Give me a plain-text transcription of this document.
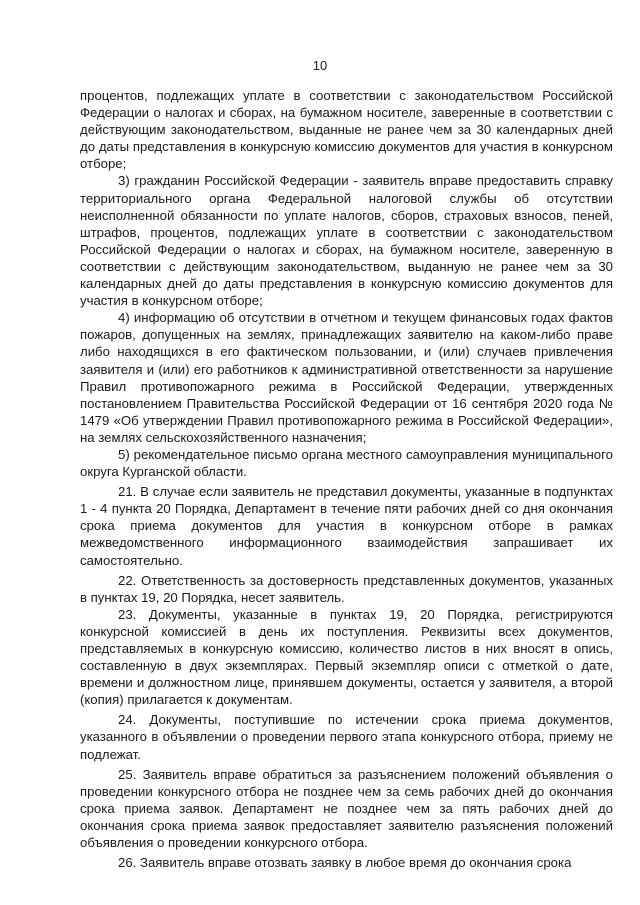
10

процентов, подлежащих уплате в соответствии с законодательством Российской Федерации о налогах и сборах, на бумажном носителе, заверенные в соответствии с действующим законодательством, выданные не ранее чем за 30 календарных дней до даты представления в конкурсную комиссию документов для участия в конкурсном отборе;

3) гражданин Российской Федерации - заявитель вправе предоставить справку территориального органа Федеральной налоговой службы об отсутствии неисполненной обязанности по уплате налогов, сборов, страховых взносов, пеней, штрафов, процентов, подлежащих уплате в соответствии с законодательством Российской Федерации о налогах и сборах, на бумажном носителе, заверенную в соответствии с действующим законодательством, выданную не ранее чем за 30 календарных дней до даты представления в конкурсную комиссию документов для участия в конкурсном отборе;

4) информацию об отсутствии в отчетном и текущем финансовых годах фактов пожаров, допущенных на землях, принадлежащих заявителю на каком-либо праве либо находящихся в его фактическом пользовании, и (или) случаев привлечения заявителя и (или) его работников к административной ответственности за нарушение Правил противопожарного режима в Российской Федерации, утвержденных постановлением Правительства Российской Федерации от 16 сентября 2020 года № 1479 «Об утверждении Правил противопожарного режима в Российской Федерации», на землях сельскохозяйственного назначения;

5) рекомендательное письмо органа местного самоуправления муниципального округа Курганской области.

21. В случае если заявитель не представил документы, указанные в подпунктах 1 - 4 пункта 20 Порядка, Департамент в течение пяти рабочих дней со дня окончания срока приема документов для участия в конкурсном отборе в рамках межведомственного информационного взаимодействия запрашивает их самостоятельно.

22. Ответственность за достоверность представленных документов, указанных в пунктах 19, 20 Порядка, несет заявитель.

23. Документы, указанные в пунктах 19, 20 Порядка, регистрируются конкурсной комиссией в день их поступления. Реквизиты всех документов, представляемых в конкурсную комиссию, количество листов в них вносят в опись, составленную в двух экземплярах. Первый экземпляр описи с отметкой о дате, времени и должностном лице, принявшем документы, остается у заявителя, а второй (копия) прилагается к документам.

24. Документы, поступившие по истечении срока приема документов, указанного в объявлении о проведении первого этапа конкурсного отбора, приему не подлежат.

25. Заявитель вправе обратиться за разъяснением положений объявления о проведении конкурсного отбора не позднее чем за семь рабочих дней до окончания срока приема заявок. Департамент не позднее чем за пять рабочих дней до окончания срока приема заявок предоставляет заявителю разъяснения положений объявления о проведении конкурсного отбора.

26. Заявитель вправе отозвать заявку в любое время до окончания срока
